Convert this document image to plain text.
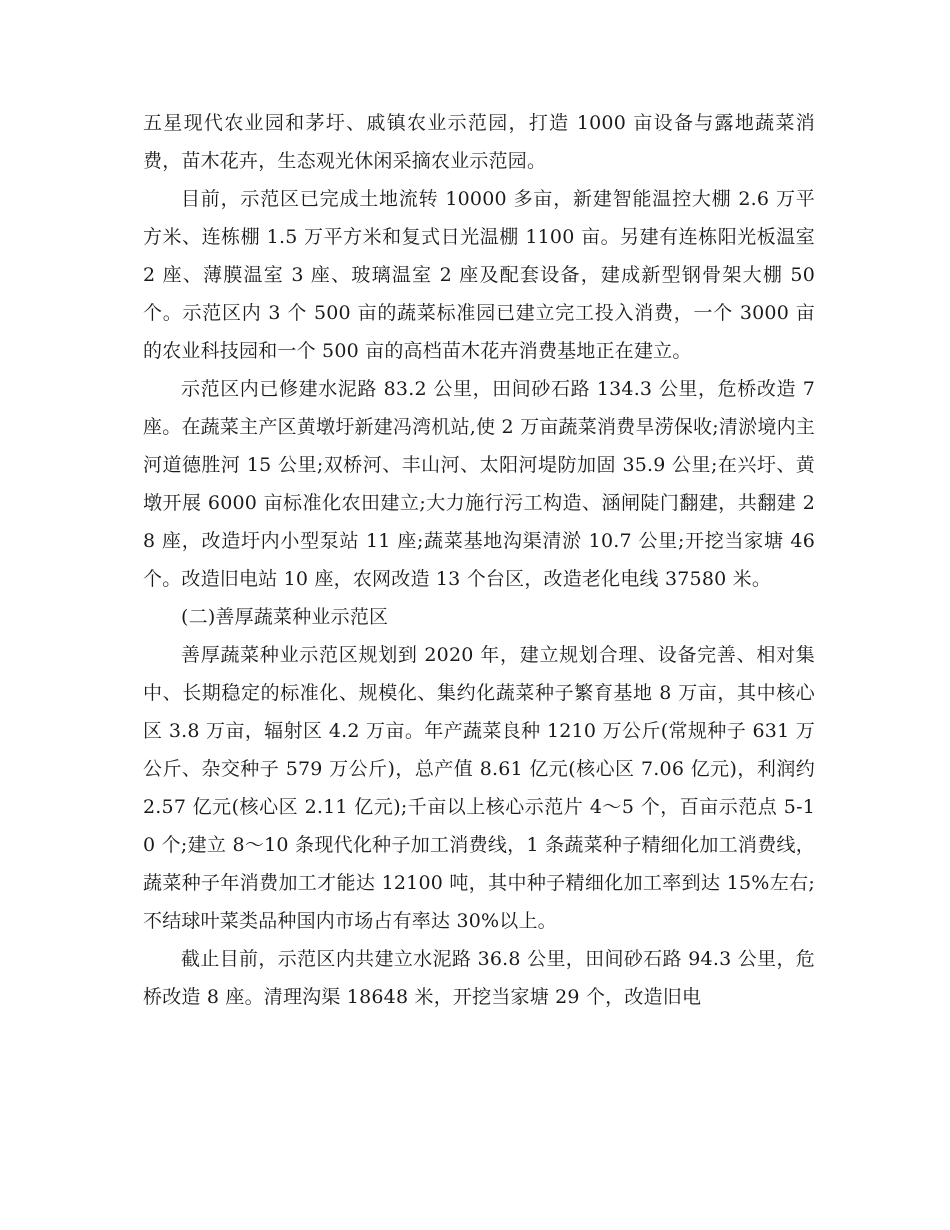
五星现代农业园和茅圩、戚镇农业示范园，打造 1000 亩设备与露地蔬菜消费，苗木花卉，生态观光休闲采摘农业示范园。

目前，示范区已完成土地流转 10000 多亩，新建智能温控大棚 2.6 万平方米、连栋棚 1.5 万平方米和复式日光温棚 1100 亩。另建有连栋阳光板温室 2 座、薄膜温室 3 座、玻璃温室 2 座及配套设备，建成新型钢骨架大棚 50 个。示范区内 3 个 500 亩的蔬菜标准园已建立完工投入消费，一个 3000 亩的农业科技园和一个 500 亩的高档苗木花卉消费基地正在建立。

示范区内已修建水泥路 83.2 公里，田间砂石路 134.3 公里，危桥改造 7 座。在蔬菜主产区黄墩圩新建冯湾机站,使 2 万亩蔬菜消费旱涝保收;清淤境内主河道德胜河 15 公里;双桥河、丰山河、太阳河堤防加固 35.9 公里;在兴圩、黄墩开展 6000 亩标准化农田建立;大力施行污工构造、涵闸陡门翻建，共翻建 28 座，改造圩内小型泵站 11 座;蔬菜基地沟渠清淤 10.7 公里;开挖当家塘 46 个。改造旧电站 10 座，农网改造 13 个台区，改造老化电线 37580 米。

(二)善厚蔬菜种业示范区

善厚蔬菜种业示范区规划到 2020 年，建立规划合理、设备完善、相对集中、长期稳定的标准化、规模化、集约化蔬菜种子繁育基地 8 万亩，其中核心区 3.8 万亩，辐射区 4.2 万亩。年产蔬菜良种 1210 万公斤(常规种子 631 万公斤、杂交种子 579 万公斤)，总产值 8.61 亿元(核心区 7.06 亿元)，利润约 2.57 亿元(核心区 2.11 亿元);千亩以上核心示范片 4～5 个，百亩示范点 5-10 个;建立 8～10 条现代化种子加工消费线，1 条蔬菜种子精细化加工消费线，蔬菜种子年消费加工才能达 12100 吨，其中种子精细化加工率到达 15%左右;不结球叶菜类品种国内市场占有率达 30%以上。

截止目前，示范区内共建立水泥路 36.8 公里，田间砂石路 94.3 公里，危桥改造 8 座。清理沟渠 18648 米，开挖当家塘 29 个，改造旧电
